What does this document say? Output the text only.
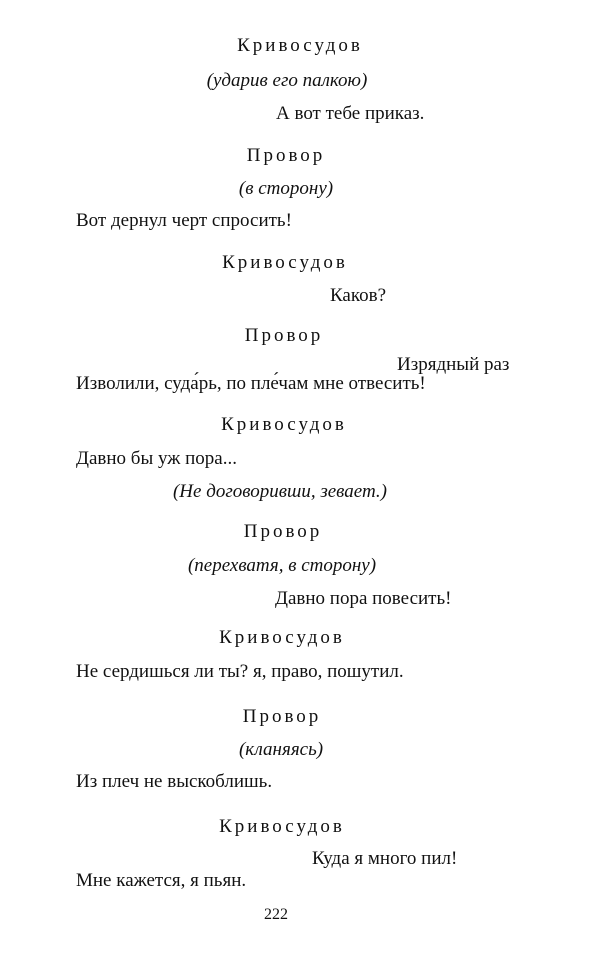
Кривосудов
(ударив его палкою)
А вот тебе приказ.
Провор
(в сторону)
Вот дернул черт спросить!
Кривосудов
Каков?
Провор
Изрядный раз
Изволили, суда́рь, по пле́чам мне отвесить!
Кривосудов
Давно бы уж пора...
(Не договоривши, зевает.)
Провор
(перехватя, в сторону)
Давно пора повесить!
Кривосудов
Не сердишься ли ты? я, право, пошутил.
Провор
(кланяясь)
Из плеч не выскоблишь.
Кривосудов
Куда я много пил!
Мне кажется, я пьян.
222
